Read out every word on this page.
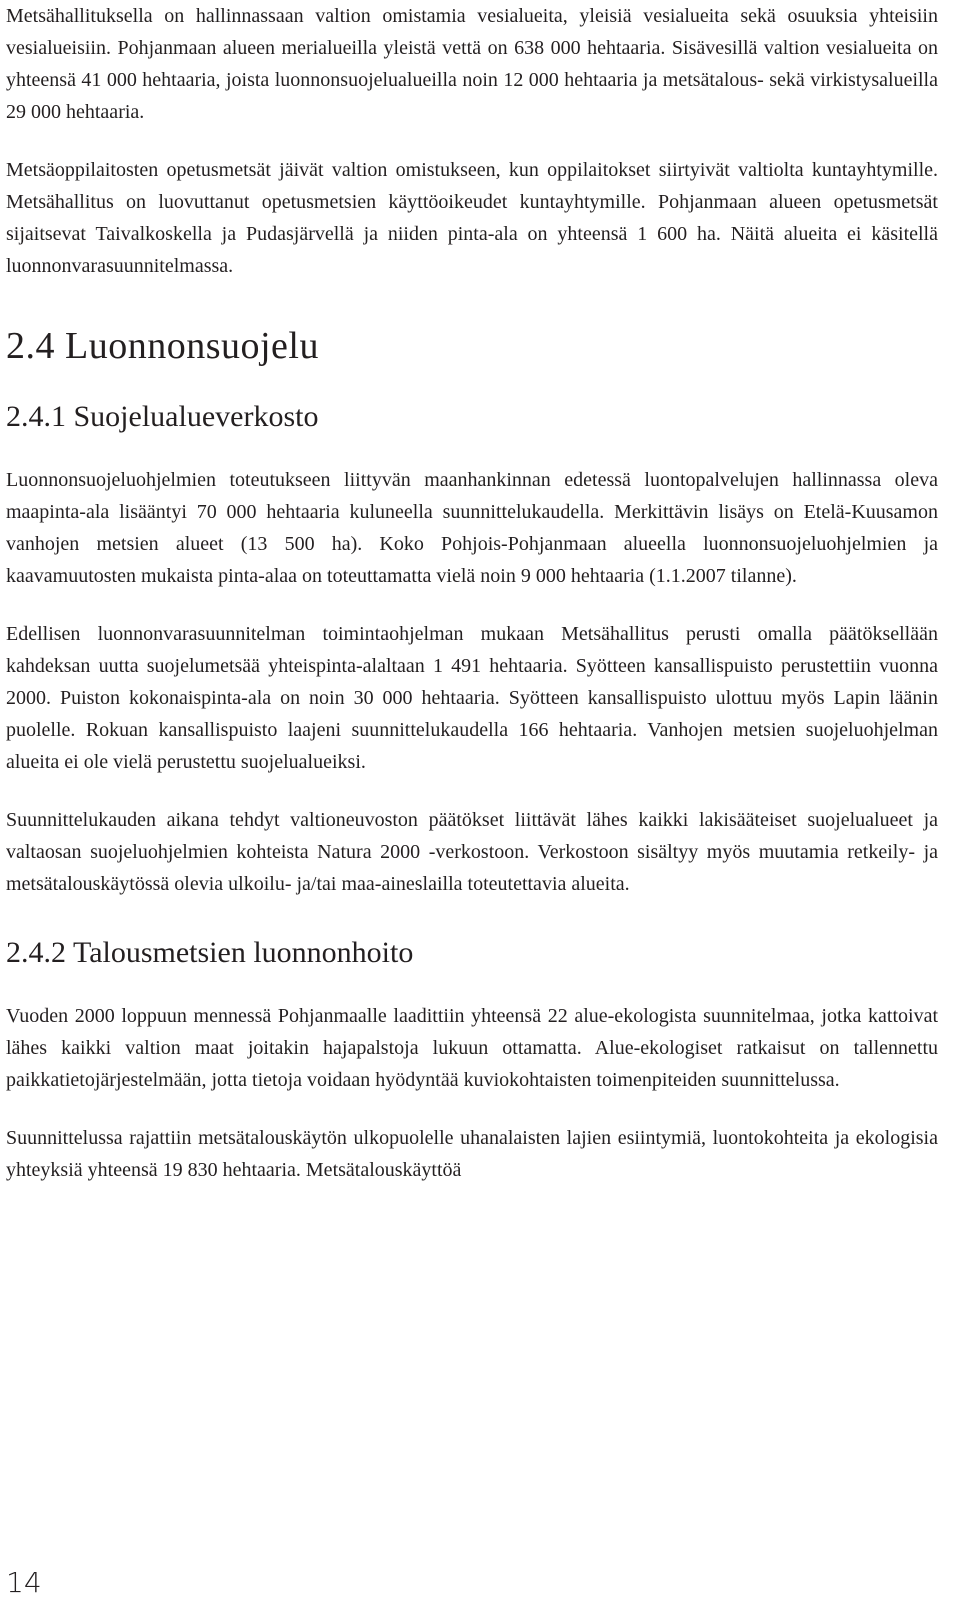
Metsähallituksella on hallinnassaan valtion omistamia vesialueita, yleisiä vesialueita sekä osuuksia yhteisiin vesialueisiin. Pohjanmaan alueen merialueilla yleistä vettä on 638 000 hehtaaria. Sisävesillä valtion vesialueita on yhteensä 41 000 hehtaaria, joista luonnonsuojelualueilla noin 12 000 hehtaaria ja metsätalous- sekä virkistysalueilla 29 000 hehtaaria.

Metsäoppilaitosten opetusmetsät jäivät valtion omistukseen, kun oppilaitokset siirtyivät valtiolta kuntayhtymille. Metsähallitus on luovuttanut opetusmetsien käyttöoikeudet kuntayhtymille. Pohjanmaan alueen opetusmetsät sijaitsevat Taivalkoskella ja Pudasjärvellä ja niiden pinta-ala on yhteensä 1 600 ha. Näitä alueita ei käsitellä luonnonvarasuunnitelmassa.

2.4 Luonnonsuojelu
2.4.1 Suojelualueverkosto

Luonnonsuojeluohjelmien toteutukseen liittyvän maanhankinnan edetessä luontopalvelujen hallinnassa oleva maapinta-ala lisääntyi 70 000 hehtaaria kuluneella suunnittelukaudella. Merkittävin lisäys on Etelä-Kuusamon vanhojen metsien alueet (13 500 ha). Koko Pohjois-Pohjanmaan alueella luonnonsuojeluohjelmien ja kaavamuutosten mukaista pinta-alaa on toteuttamatta vielä noin 9 000 hehtaaria (1.1.2007 tilanne).

Edellisen luonnonvarasuunnitelman toimintaohjelman mukaan Metsähallitus perusti omalla päätöksellään kahdeksan uutta suojelumetsää yhteispinta-alaltaan 1 491 hehtaaria. Syötteen kansallispuisto perustettiin vuonna 2000. Puiston kokonaispinta-ala on noin 30 000 hehtaaria. Syötteen kansallispuisto ulottuu myös Lapin läänin puolelle. Rokuan kansallispuisto laajeni suunnittelukaudella 166 hehtaaria. Vanhojen metsien suojeluohjelman alueita ei ole vielä perustettu suojelualueiksi.

Suunnittelukauden aikana tehdyt valtioneuvoston päätökset liittävät lähes kaikki lakisääteiset suojelualueet ja valtaosan suojeluohjelmien kohteista Natura 2000 -verkostoon. Verkostoon sisältyy myös muutamia retkeily- ja metsätalouskäytössä olevia ulkoilu- ja/tai maa-aineslailla toteutettavia alueita.

2.4.2 Talousmetsien luonnonhoito

Vuoden 2000 loppuun mennessä Pohjanmaalle laadittiin yhteensä 22 alue-ekologista suunnitelmaa, jotka kattoivat lähes kaikki valtion maat joitakin hajapalstoja lukuun ottamatta. Alue-ekologiset ratkaisut on tallennettu paikkatietojärjestelmään, jotta tietoja voidaan hyödyntää kuviokohtaisten toimenpiteiden suunnittelussa.

Suunnittelussa rajattiin metsätalouskäytön ulkopuolelle uhanalaisten lajien esiintymiä, luontokohteita ja ekologisia yhteyksiä yhteensä 19 830 hehtaaria. Metsätalouskäyttöä

14
